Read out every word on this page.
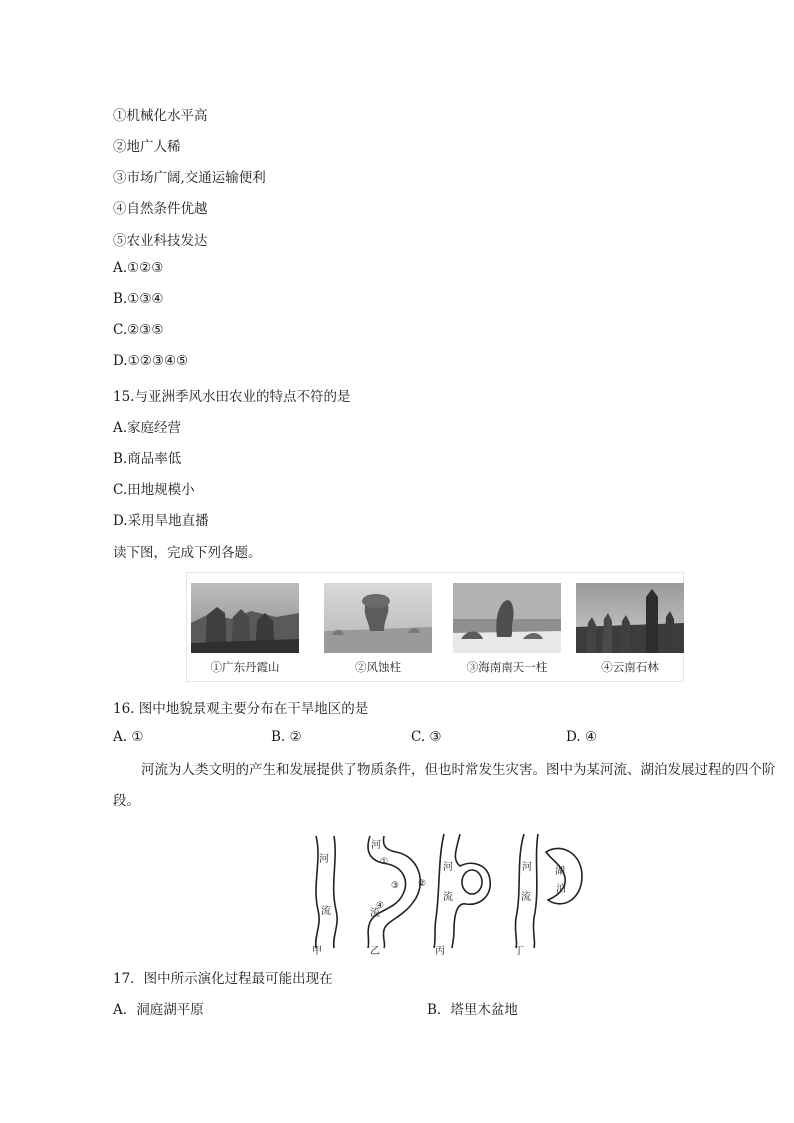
①机械化水平高
②地广人稀
③市场广阔,交通运输便利
④自然条件优越
⑤农业科技发达
A.①②③
B.①③④
C.②③⑤
D.①②③④⑤
15.与亚洲季风水田农业的特点不符的是
A.家庭经营
B.商品率低
C.田地规模小
D.采用旱地直播
读下图，完成下列各题。
①广东丹霞山	②风蚀柱	③海南南天一柱	④云南石林
16. 图中地貌景观主要分布在干旱地区的是
A. ①	B. ②	C. ③	D. ④
河流为人类文明的产生和发展提供了物质条件，但也时常发生灾害。图中为某河流、湖泊发展过程的四个阶段。
河
流
河
流
河
流
河
流
湖
泊
①
②
③
④
甲	乙	丙	丁
17．图中所示演化过程最可能出现在
A．洞庭湖平原	B．塔里木盆地
